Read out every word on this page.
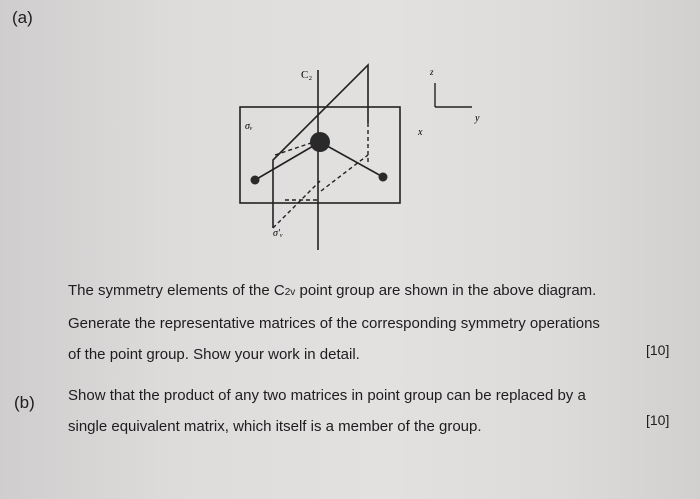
(a)
C₂
σᵥ
σ′ᵥ
z
y
x
The symmetry elements of the C2v point group are shown in the above diagram.
Generate the representative matrices of the corresponding symmetry operations
of the point group. Show your work in detail.	[10]
(b) Show that the product of any two matrices in point group can be replaced by a
single equivalent matrix, which itself is a member of the group.	[10]
